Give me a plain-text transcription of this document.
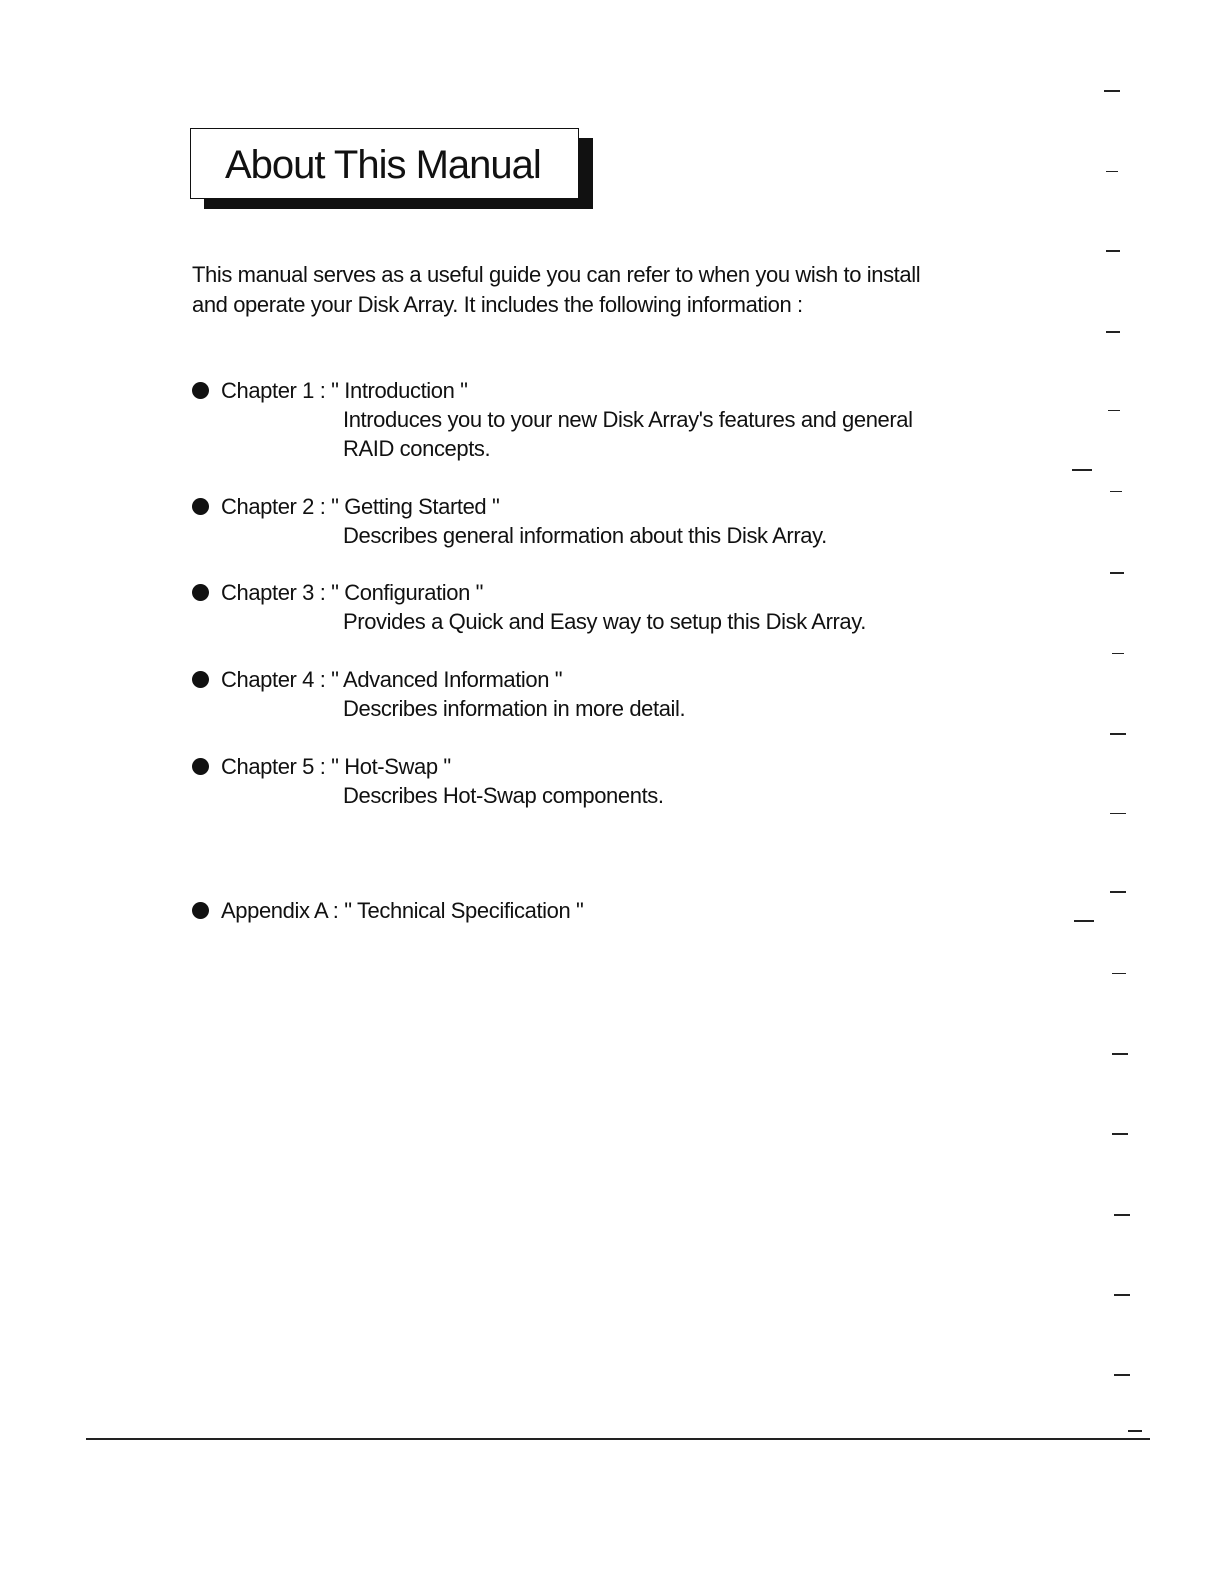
About This Manual

This manual serves as a useful guide you can refer to when you wish to install and operate your Disk Array. It includes the following information :

Chapter 1 : " Introduction "
Introduces you to your new Disk Array's features and general RAID concepts.
Chapter 2 : " Getting Started "
Describes general information about this Disk Array.
Chapter 3 : " Configuration "
Provides a Quick and Easy way to setup this Disk Array.
Chapter 4 : " Advanced Information "
Describes information in more detail.
Chapter 5 : " Hot-Swap "
Describes Hot-Swap components.
Appendix A : " Technical Specification "
